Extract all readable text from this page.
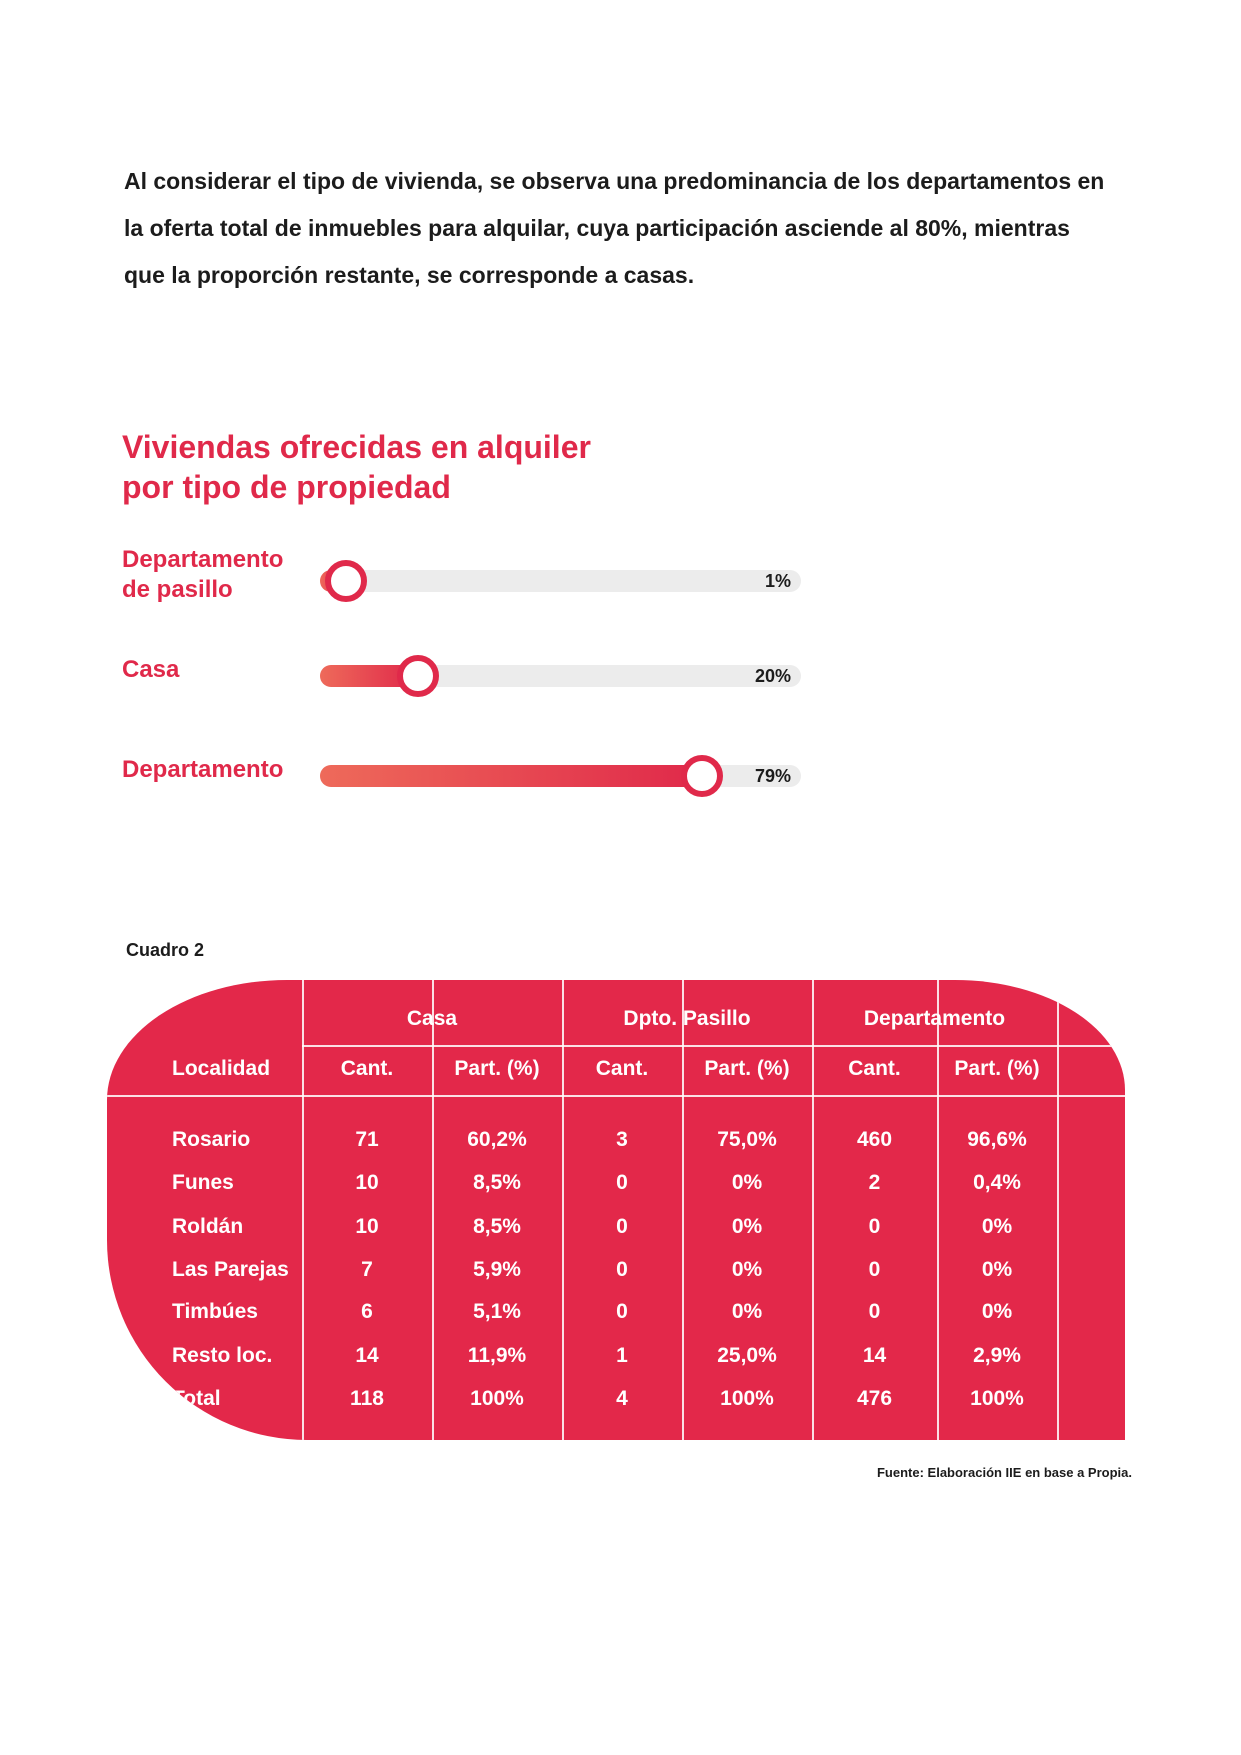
Al considerar el tipo de vivienda, se observa una predominancia de los departamentos en

la oferta total de inmuebles para alquilar, cuya participación asciende al 80%, mientras

que la proporción restante, se corresponde a casas.

Viviendas ofrecidas en alquiler
por tipo de propiedad
Departamento
de pasillo	1%
Casa	20%
Departamento	79%
Cuadro 2
Casa	Dpto. Pasillo	Departamento
Localidad	Cant.	Part. (%)	Cant.	Part. (%)	Cant.	Part. (%)
Rosario	71	60,2%	3	75,0%	460	96,6%
Funes	10	8,5%	0	0%	2	0,4%
Roldán	10	8,5%	0	0%	0	0%
Las Parejas	7	5,9%	0	0%	0	0%
Timbúes	6	5,1%	0	0%	0	0%
Resto loc.	14	11,9%	1	25,0%	14	2,9%
Total	118	100%	4	100%	476	100%
Fuente: Elaboración IIE en base a Propia.
